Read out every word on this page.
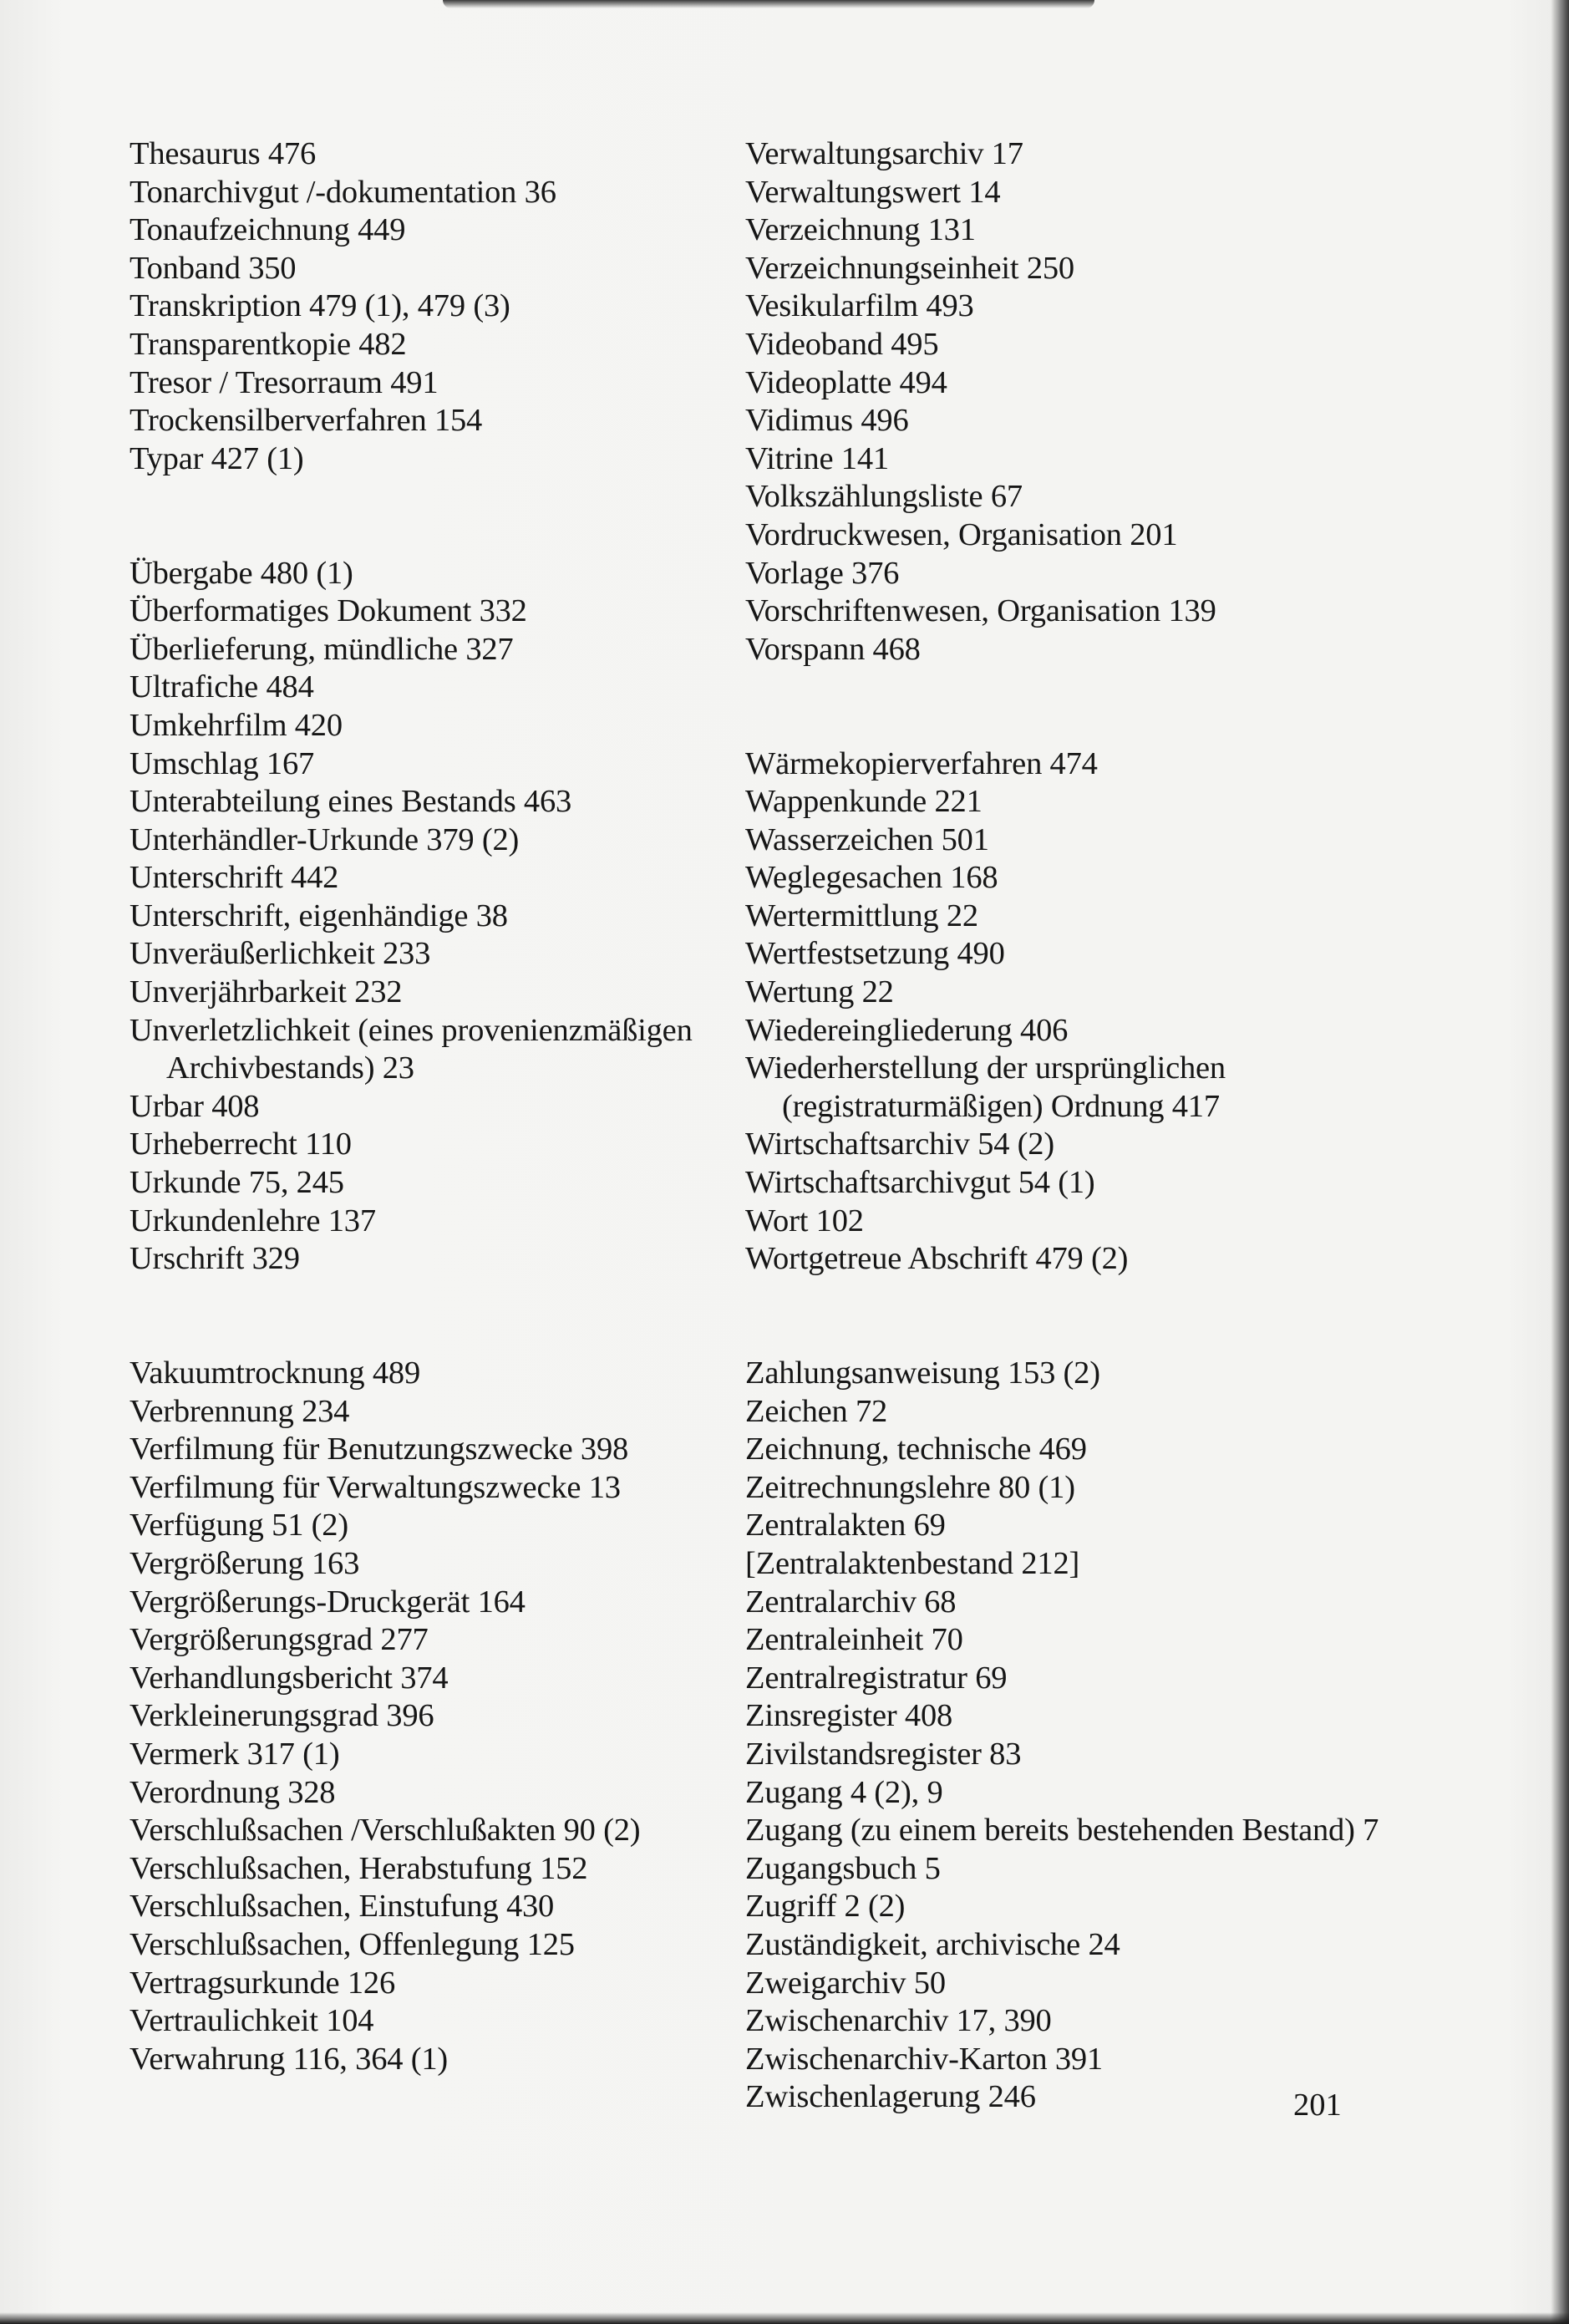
Thesaurus 476
Tonarchivgut /-dokumentation 36
Tonaufzeichnung 449
Tonband 350
Transkription 479 (1), 479 (3)
Transparentkopie 482
Tresor / Tresorraum 491
Trockensilberverfahren 154
Typar 427 (1)
Übergabe 480 (1)
Überformatiges Dokument 332
Überlieferung, mündliche 327
Ultrafiche 484
Umkehrfilm 420
Umschlag 167
Unterabteilung eines Bestands 463
Unterhändler-Urkunde 379 (2)
Unterschrift 442
Unterschrift, eigenhändige 38
Unveräußerlichkeit 233
Unverjährbarkeit 232
Unverletzlichkeit (eines provenienzmäßigen Archivbestands) 23
Urbar 408
Urheberrecht 110
Urkunde 75, 245
Urkundenlehre 137
Urschrift 329
Vakuumtrocknung 489
Verbrennung 234
Verfilmung für Benutzungszwecke 398
Verfilmung für Verwaltungszwecke 13
Verfügung 51 (2)
Vergrößerung 163
Vergrößerungs-Druckgerät 164
Vergrößerungsgrad 277
Verhandlungsbericht 374
Verkleinerungsgrad 396
Vermerk 317 (1)
Verordnung 328
Verschlußsachen /Verschlußakten 90 (2)
Verschlußsachen, Herabstufung 152
Verschlußsachen, Einstufung 430
Verschlußsachen, Offenlegung 125
Vertragsurkunde 126
Vertraulichkeit 104
Verwahrung 116, 364 (1)
Verwaltungsarchiv 17
Verwaltungswert 14
Verzeichnung 131
Verzeichnungseinheit 250
Vesikularfilm 493
Videoband 495
Videoplatte 494
Vidimus 496
Vitrine 141
Volkszählungsliste 67
Vordruckwesen, Organisation 201
Vorlage 376
Vorschriftenwesen, Organisation 139
Vorspann 468
Wärmekopierverfahren 474
Wappenkunde 221
Wasserzeichen 501
Weglegesachen 168
Wertermittlung 22
Wertfestsetzung 490
Wertung 22
Wiedereingliederung 406
Wiederherstellung der ursprünglichen (registraturmäßigen) Ordnung 417
Wirtschaftsarchiv 54 (2)
Wirtschaftsarchivgut 54 (1)
Wort 102
Wortgetreue Abschrift 479 (2)
Zahlungsanweisung 153 (2)
Zeichen 72
Zeichnung, technische 469
Zeitrechnungslehre 80 (1)
Zentralakten 69
[Zentralaktenbestand 212]
Zentralarchiv 68
Zentraleinheit 70
Zentralregistratur 69
Zinsregister 408
Zivilstandsregister 83
Zugang 4 (2), 9
Zugang (zu einem bereits bestehenden Bestand) 7
Zugangsbuch 5
Zugriff 2 (2)
Zuständigkeit, archivische 24
Zweigarchiv 50
Zwischenarchiv 17, 390
Zwischenarchiv-Karton 391
Zwischenlagerung 246	201
